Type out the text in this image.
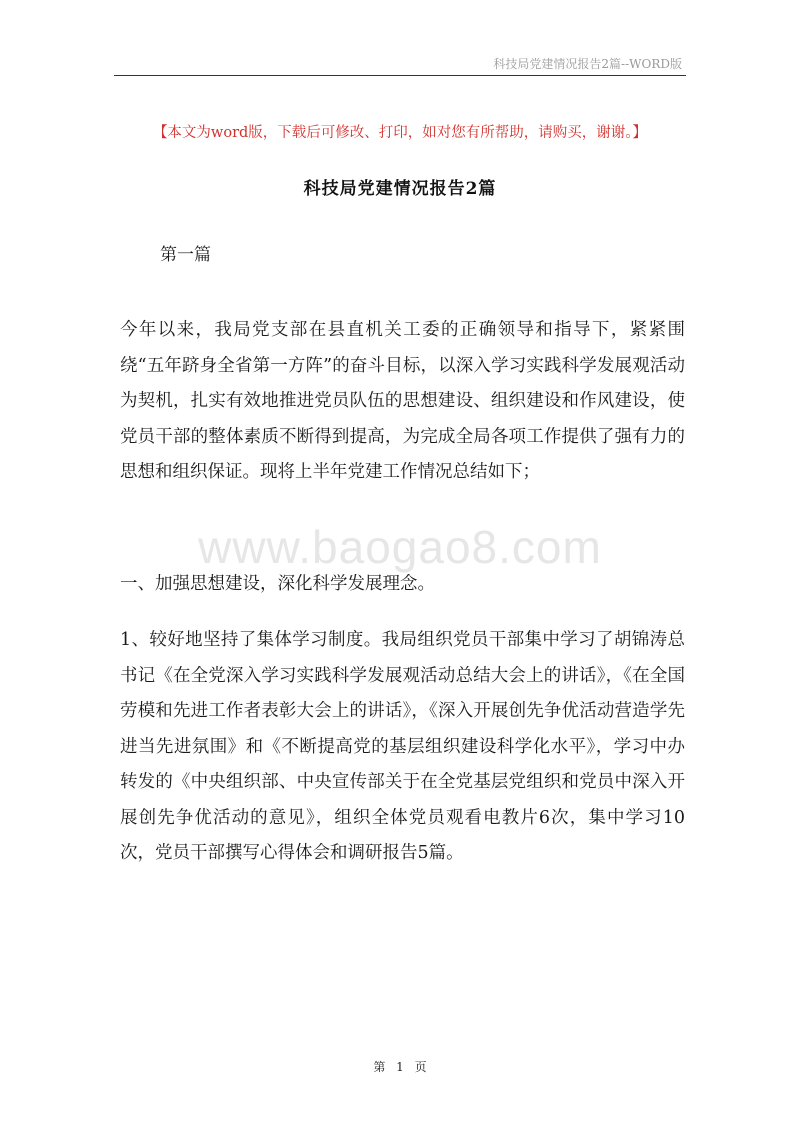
科技局党建情况报告2篇--WORD版
【本文为word版，下载后可修改、打印，如对您有所帮助，请购买，谢谢。】
科技局党建情况报告2篇
第一篇

今年以来，我局党支部在县直机关工委的正确领导和指导下，紧紧围绕“五年跻身全省第一方阵”的奋斗目标，以深入学习实践科学发展观活动为契机，扎实有效地推进党员队伍的思想建设、组织建设和作风建设，使党员干部的整体素质不断得到提高，为完成全局各项工作提供了强有力的思想和组织保证。现将上半年党建工作情况总结如下；

www.baogao8.com
一、加强思想建设，深化科学发展理念。

1、较好地坚持了集体学习制度。我局组织党员干部集中学习了胡锦涛总书记《在全党深入学习实践科学发展观活动总结大会上的讲话》，《在全国劳模和先进工作者表彰大会上的讲话》，《深入开展创先争优活动营造学先进当先进氛围》和《不断提高党的基层组织建设科学化水平》，学习中办转发的《中央组织部、中央宣传部关于在全党基层党组织和党员中深入开展创先争优活动的意见》，组织全体党员观看电教片6次，集中学习10次，党员干部撰写心得体会和调研报告5篇。

第 1 页
